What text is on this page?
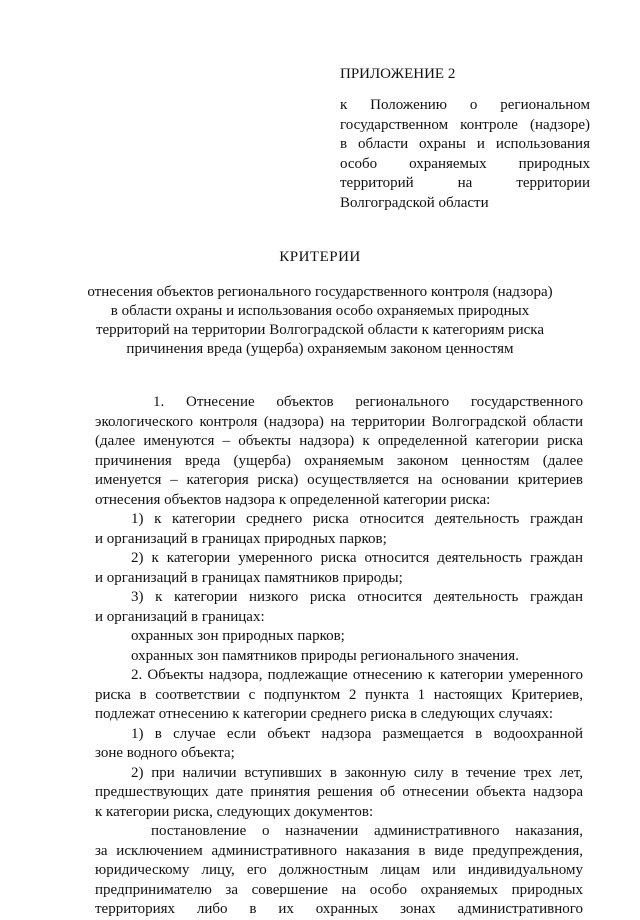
ПРИЛОЖЕНИЕ 2
к Положению о региональном
государственном контроле (надзоре)
в области охраны и использования
особо охраняемых природных
территорий на территории
Волгоградской области
КРИТЕРИИ
отнесения объектов регионального государственного контроля (надзора)
в области охраны и использования особо охраняемых природных
территорий на территории Волгоградской области к категориям риска
причинения вреда (ущерба) охраняемым законом ценностям
1. Отнесение объектов регионального государственного
экологического контроля (надзора) на территории Волгоградской области
(далее именуются – объекты надзора) к определенной категории риска
причинения вреда (ущерба) охраняемым законом ценностям (далее
именуется – категория риска) осуществляется на основании критериев
отнесения объектов надзора к определенной категории риска:
1) к категории среднего риска относится деятельность граждан
и организаций в границах природных парков;
2) к категории умеренного риска относится деятельность граждан
и организаций в границах памятников природы;
3) к категории низкого риска относится деятельность граждан
и организаций в границах:
охранных зон природных парков;
охранных зон памятников природы регионального значения.
2. Объекты надзора, подлежащие отнесению к категории умеренного
риска в соответствии с подпунктом 2 пункта 1 настоящих Критериев,
подлежат отнесению к категории среднего риска в следующих случаях:
1) в случае если объект надзора размещается в водоохранной
зоне водного объекта;
2) при наличии вступивших в законную силу в течение трех лет,
предшествующих дате принятия решения об отнесении объекта надзора
к категории риска, следующих документов:
постановление о назначении административного наказания,
за исключением административного наказания в виде предупреждения,
юридическому лицу, его должностным лицам или индивидуальному
предпринимателю за совершение на особо охраняемых природных
территориях либо в их охранных зонах административного
